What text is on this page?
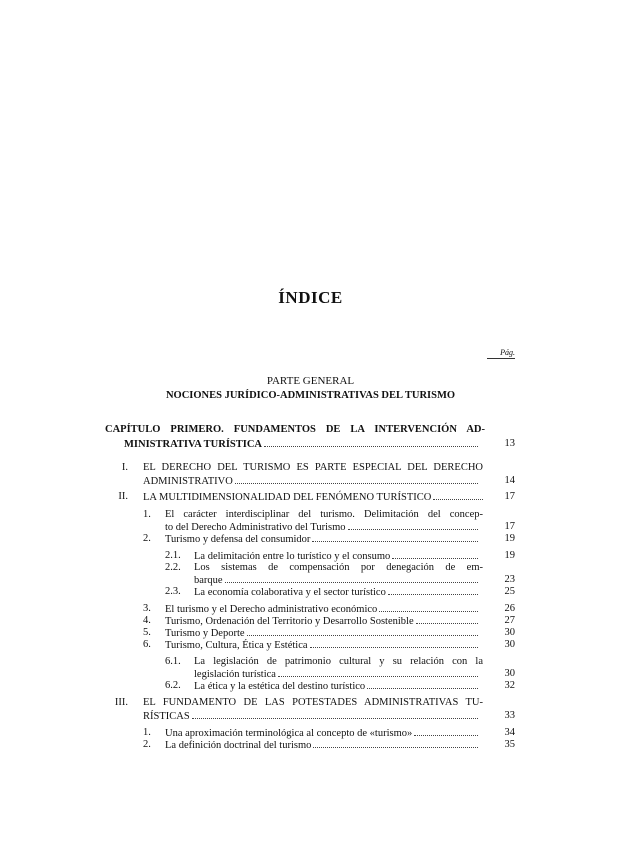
ÍNDICE
Pág.
PARTE GENERAL
NOCIONES JURÍDICO-ADMINISTRATIVAS DEL TURISMO
CAPÍTULO PRIMERO. FUNDAMENTOS DE LA INTERVENCIÓN AD-
MINISTRATIVA TURÍSTICA	13
I. EL DERECHO DEL TURISMO ES PARTE ESPECIAL DEL DERECHO
ADMINISTRATIVO	14
II. LA MULTIDIMENSIONALIDAD DEL FENÓMENO TURÍSTICO	17
1. El carácter interdisciplinar del turismo. Delimitación del concep-
to del Derecho Administrativo del Turismo	17
2. Turismo y defensa del consumidor	19
2.1. La delimitación entre lo turístico y el consumo	19
2.2. Los sistemas de compensación por denegación de em-
barque	23
2.3. La economía colaborativa y el sector turístico	25
3. El turismo y el Derecho administrativo económico	26
4. Turismo, Ordenación del Territorio y Desarrollo Sostenible	27
5. Turismo y Deporte	30
6. Turismo, Cultura, Ética y Estética	30
6.1. La legislación de patrimonio cultural y su relación con la
legislación turística	30
6.2. La ética y la estética del destino turístico	32
III. EL FUNDAMENTO DE LAS POTESTADES ADMINISTRATIVAS TU-
RÍSTICAS	33
1. Una aproximación terminológica al concepto de «turismo»	34
2. La definición doctrinal del turismo	35
